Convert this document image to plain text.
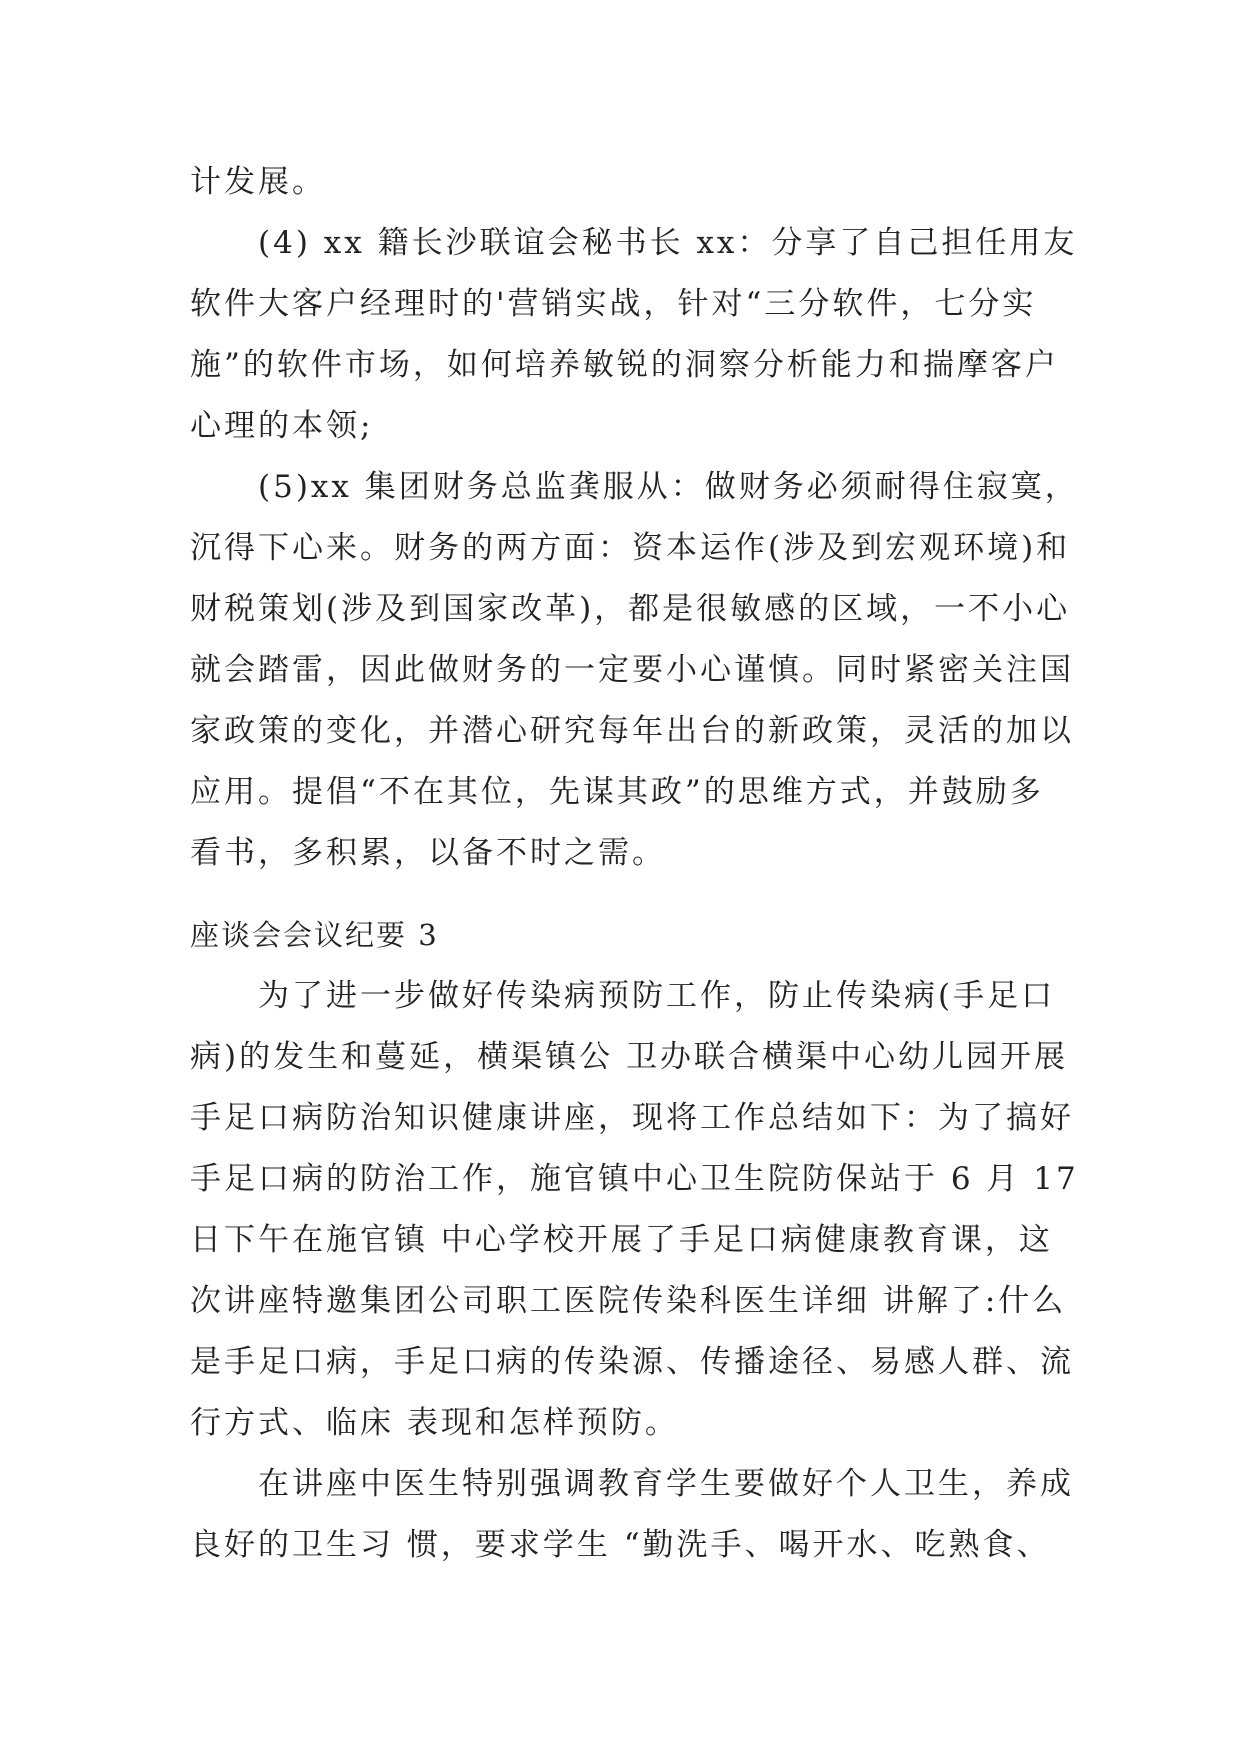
计发展。
(4) xx 籍长沙联谊会秘书长 xx：分享了自己担任用友
软件大客户经理时的'营销实战，针对“三分软件，七分实
施”的软件市场，如何培养敏锐的洞察分析能力和揣摩客户
心理的本领;
(5)xx 集团财务总监龚服从：做财务必须耐得住寂寞，
沉得下心来。财务的两方面：资本运作(涉及到宏观环境)和
财税策划(涉及到国家改革)，都是很敏感的区域，一不小心
就会踏雷，因此做财务的一定要小心谨慎。同时紧密关注国
家政策的变化，并潜心研究每年出台的新政策，灵活的加以
应用。提倡“不在其位，先谋其政”的思维方式，并鼓励多
看书，多积累，以备不时之需。
座谈会会议纪要 3
为了进一步做好传染病预防工作，防止传染病(手足口
病)的发生和蔓延，横渠镇公 卫办联合横渠中心幼儿园开展
手足口病防治知识健康讲座，现将工作总结如下：为了搞好
手足口病的防治工作，施官镇中心卫生院防保站于 6 月 17
日下午在施官镇 中心学校开展了手足口病健康教育课，这
次讲座特邀集团公司职工医院传染科医生详细 讲解了:什么
是手足口病，手足口病的传染源、传播途径、易感人群、流
行方式、临床 表现和怎样预防。
在讲座中医生特别强调教育学生要做好个人卫生，养成
良好的卫生习 惯，要求学生 “勤洗手、喝开水、吃熟食、
